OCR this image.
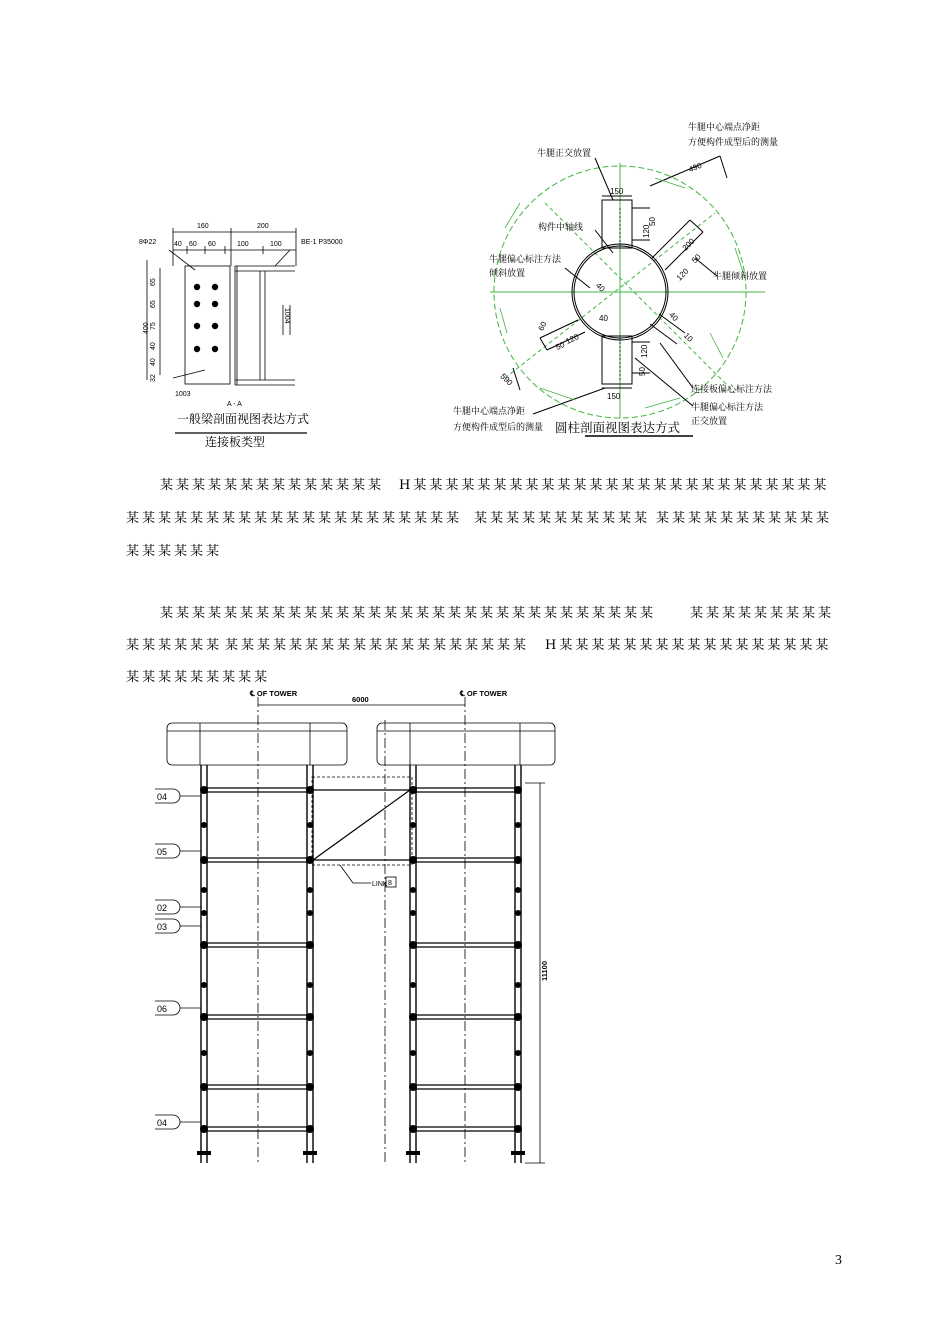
160	200
40 60 60	100	100
8Φ22	BE-1 P35000
65
65
75
40
40
32
400
1004
1003
A - A
一般梁剖面视图表达方式
连接板类型
牛腿中心端点净距
方便构件成型后的测量
牛腿正交放置
构件中轴线
牛腿偏心标注方法
倾斜放置	牛腿倾斜放置
连接板偏心标注方法
牛腿偏心标注方法
正交放置
牛腿中心端点净距
方便构件成型后的测量
150
120
50
490
200
120
50
40
40	40
120
50	120
50
60
10
150
590
圆柱剖面视图表达方式
某某某某某某某某某某某某某某 H某某某某某某某某某某某某某某某某某某某某某某某某某某
某某某某某某某某某某某某某某某某某某某某某 某某某某某某某某某某某 某某某某某某某某某某某
某某某某某某
某某某某某某某某某某某某某某某某某某某某某某某某某某某某某某某	某某某某某某某某某
某某某某某某 某某某某某某某某某某某某某某某某某某某 H某某某某某某某某某某某某某某某某某
某某某某某某某某某
℄ OF TOWER	℄ OF TOWER
6000
11100
LINK 8
04
05
02
03
06
04
3
